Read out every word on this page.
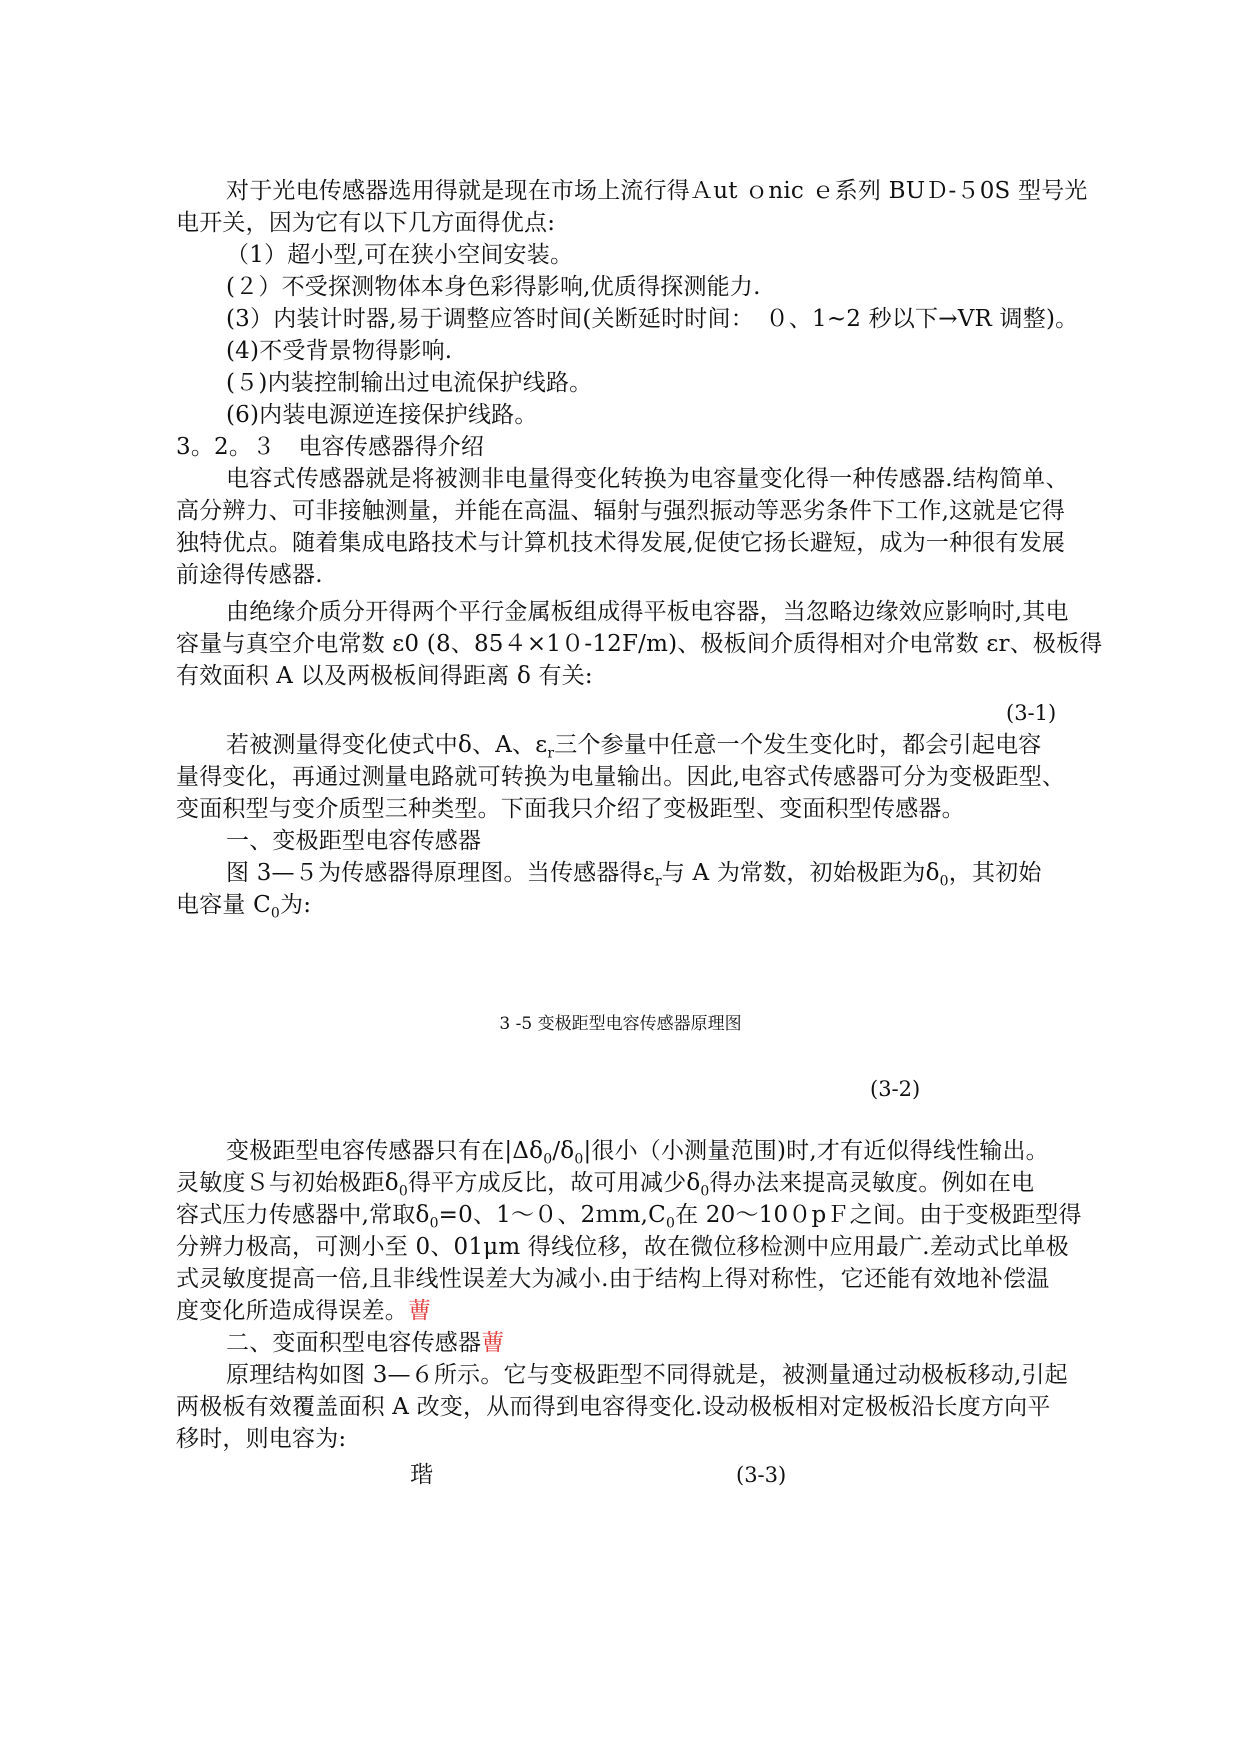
对于光电传感器选用得就是现在市场上流行得Ａut ｏnic ｅ系列 BUＤ-５0S 型号光
电开关，因为它有以下几方面得优点:
（1）超小型,可在狭小空间安装。
(２）不受探测物体本身色彩得影响,优质得探测能力.
(3）内装计时器,易于调整应答时间(关断延时时间：　０、1~2 秒以下→VR 调整)。
(4)不受背景物得影响.
(５)内装控制输出过电流保护线路。
(6)内装电源逆连接保护线路。
3。2。３　电容传感器得介绍
电容式传感器就是将被测非电量得变化转换为电容量变化得一种传感器.结构简单、
高分辨力、可非接触测量，并能在高温、辐射与强烈振动等恶劣条件下工作,这就是它得
独特优点。随着集成电路技术与计算机技术得发展,促使它扬长避短，成为一种很有发展
前途得传感器.
由绝缘介质分开得两个平行金属板组成得平板电容器，当忽略边缘效应影响时,其电
容量与真空介电常数 ε0 (8、85４×1０-12F/m)、极板间介质得相对介电常数 εr、极板得
有效面积 A 以及两极板间得距离 δ 有关:
(3-1)
若被测量得变化使式中δ、A、$\varepsilon_r$三个参量中任意一个发生变化时，都会引起电容
量得变化，再通过测量电路就可转换为电量输出。因此,电容式传感器可分为变极距型、
变面积型与变介质型三种类型。下面我只介绍了变极距型、变面积型传感器。
一、变极距型电容传感器
图 3—５为传感器得原理图。当传感器得$\varepsilon_r$与 A 为常数，初始极距为$\delta_0$，其初始
电容量 $C_0$为:
3 -5 变极距型电容传感器原理图
(3-2)
变极距型电容传感器只有在$|\Delta\delta_0/\delta_0|$很小（小测量范围)时,才有近似得线性输出。
灵敏度Ｓ与初始极距$\delta_0$得平方成反比，故可用减少$\delta_0$得办法来提高灵敏度。例如在电
容式压力传感器中,常取$\delta_0=0$、1～０、$2mm,C_0$在 20～10０pＦ之间。由于变极距型得
分辨力极高，可测小至 0、01μm 得线位移，故在微位移检测中应用最广.差动式比单极
式灵敏度提高一倍,且非线性误差大为减小.由于结构上得对称性，它还能有效地补偿温
度变化所造成得误差。蓸
二、变面积型电容传感器蓸
原理结构如图 3—６所示。它与变极距型不同得就是，被测量通过动极板移动,引起
两极板有效覆盖面积 A 改变，从而得到电容得变化.设动极板相对定极板沿长度方向平
移时，则电容为:
瑎	(3-3)
